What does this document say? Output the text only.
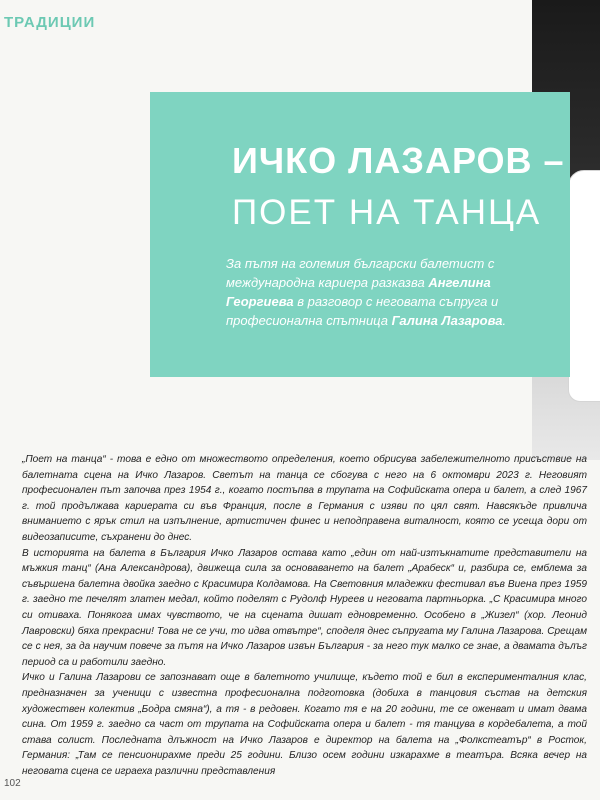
ТРАДИЦИИ
ИЧКО ЛАЗАРОВ –
ПОЕТ НА ТАНЦА
За пътя на големия български балетист с международна кариера разказва Ангелина Георгиева в разговор с неговата съпруга и професионална спътница Галина Лазарова.

„Поет на танца“ - това е едно от множеството определения, което обрисува забележителното присъствие на балетната сцена на Ичко Лазаров. Светът на танца се сбогува с него на 6 октомври 2023 г. Неговият професионален път започва през 1954 г., когато постъпва в трупата на Софийската опера и балет, а след 1967 г. той продължава кариерата си във Франция, после в Германия с изяви по цял свят. Навсякъде привлича вниманието с ярък стил на изпълнение, артистичен финес и неподправена виталност, която се усеща дори от видеозаписите, съхранени до днес.

В историята на балета в България Ичко Лазаров остава като „един от най-изтъкнатите представители на мъжкия танц“ (Ана Александрова), движеща сила за основаването на балет „Арабеск“ и, разбира се, емблема за съвършена балетна двойка заедно с Красимира Колдамова. На Световния младежки фестивал във Виена през 1959 г. заедно те печелят златен медал, който поделят с Рудолф Нуреев и неговата партньорка. „С Красимира много си отиваха. Понякога имах чувството, че на сцената дишат едновременно. Особено в „Жизел“ (хор. Леонид Лавровски) бяха прекрасни! Това не се учи, то идва отвътре“, споделя днес съпругата му Галина Лазарова. Срещам се с нея, за да научим повече за пътя на Ичко Лазаров извън България - за него тук малко се знае, а двамата дълъг период са и работили заедно.

Ичко и Галина Лазарови се запознават още в балетното училище, където той е бил в експерименталния клас, предназначен за ученици с известна професионална подготовка (добиха в танцовия състав на детския художествен колектив „Бодра смяна“), а тя - в редовен. Когато тя е на 20 години, те се оженват и имат двама сина. От 1959 г. заедно са част от трупата на Софийската опера и балет - тя танцува в кордебалета, а той става солист. Последната длъжност на Ичко Лазаров е директор на балета на „Фолкстеатър“ в Росток, Германия: „Там се пенсионирахме преди 25 години. Близо осем години изкарахме в театъра. Всяка вечер на неговата сцена се играеха различни представления

102
